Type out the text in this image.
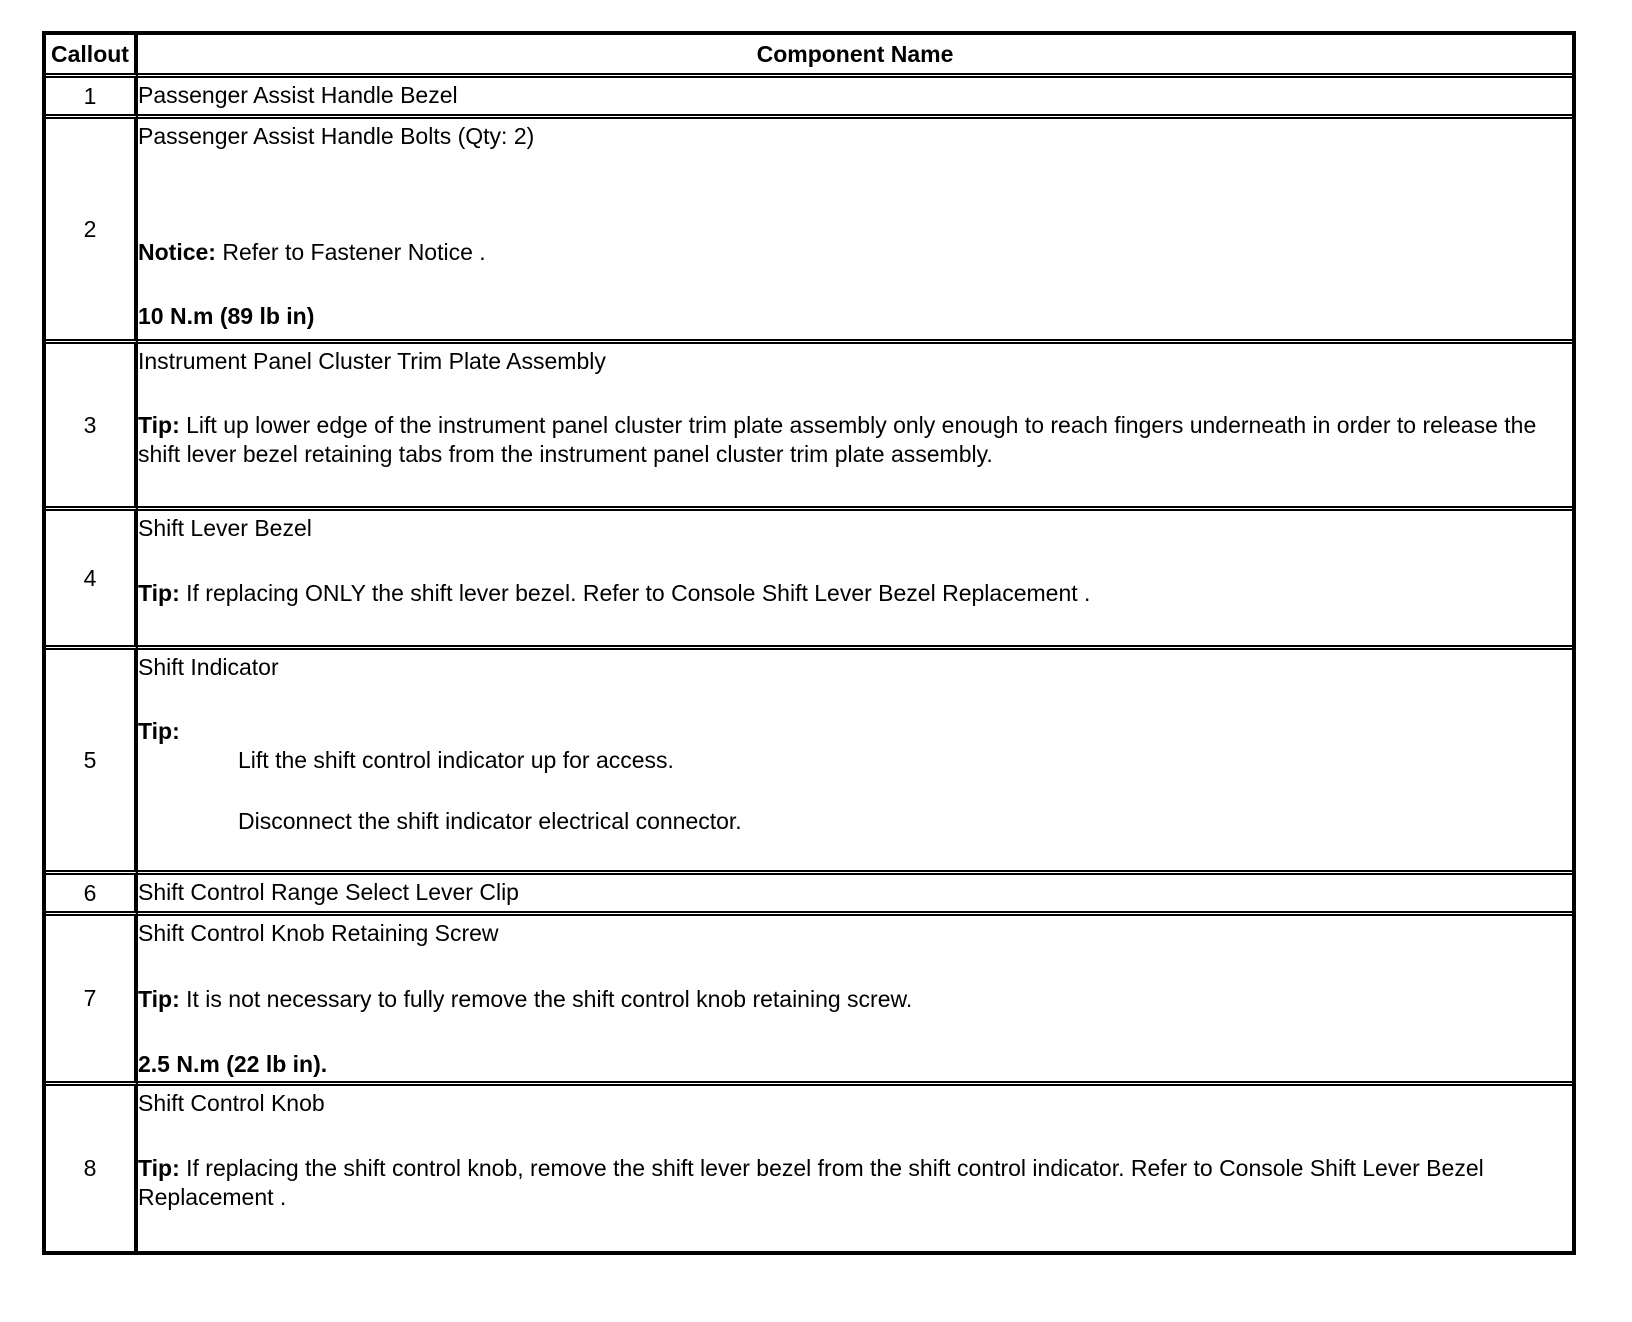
Callout	Component Name
1	Passenger Assist Handle Bezel

2	Passenger Assist Handle Bolts (Qty: 2)
Notice: Refer to Fastener Notice .
10 N.m (89 lb in)

3	Instrument Panel Cluster Trim Plate Assembly
Tip: Lift up lower edge of the instrument panel cluster trim plate assembly only enough to reach fingers underneath in order to release the shift lever bezel retaining tabs from the instrument panel cluster trim plate assembly.

4	Shift Lever Bezel
Tip: If replacing ONLY the shift lever bezel. Refer to Console Shift Lever Bezel Replacement .

5	Shift Indicator
Tip:
Lift the shift control indicator up for access.
Disconnect the shift indicator electrical connector.

6	Shift Control Range Select Lever Clip

7	Shift Control Knob Retaining Screw
Tip: It is not necessary to fully remove the shift control knob retaining screw.
2.5 N.m (22 lb in).

8	Shift Control Knob
Tip: If replacing the shift control knob, remove the shift lever bezel from the shift control indicator. Refer to Console Shift Lever Bezel Replacement .
